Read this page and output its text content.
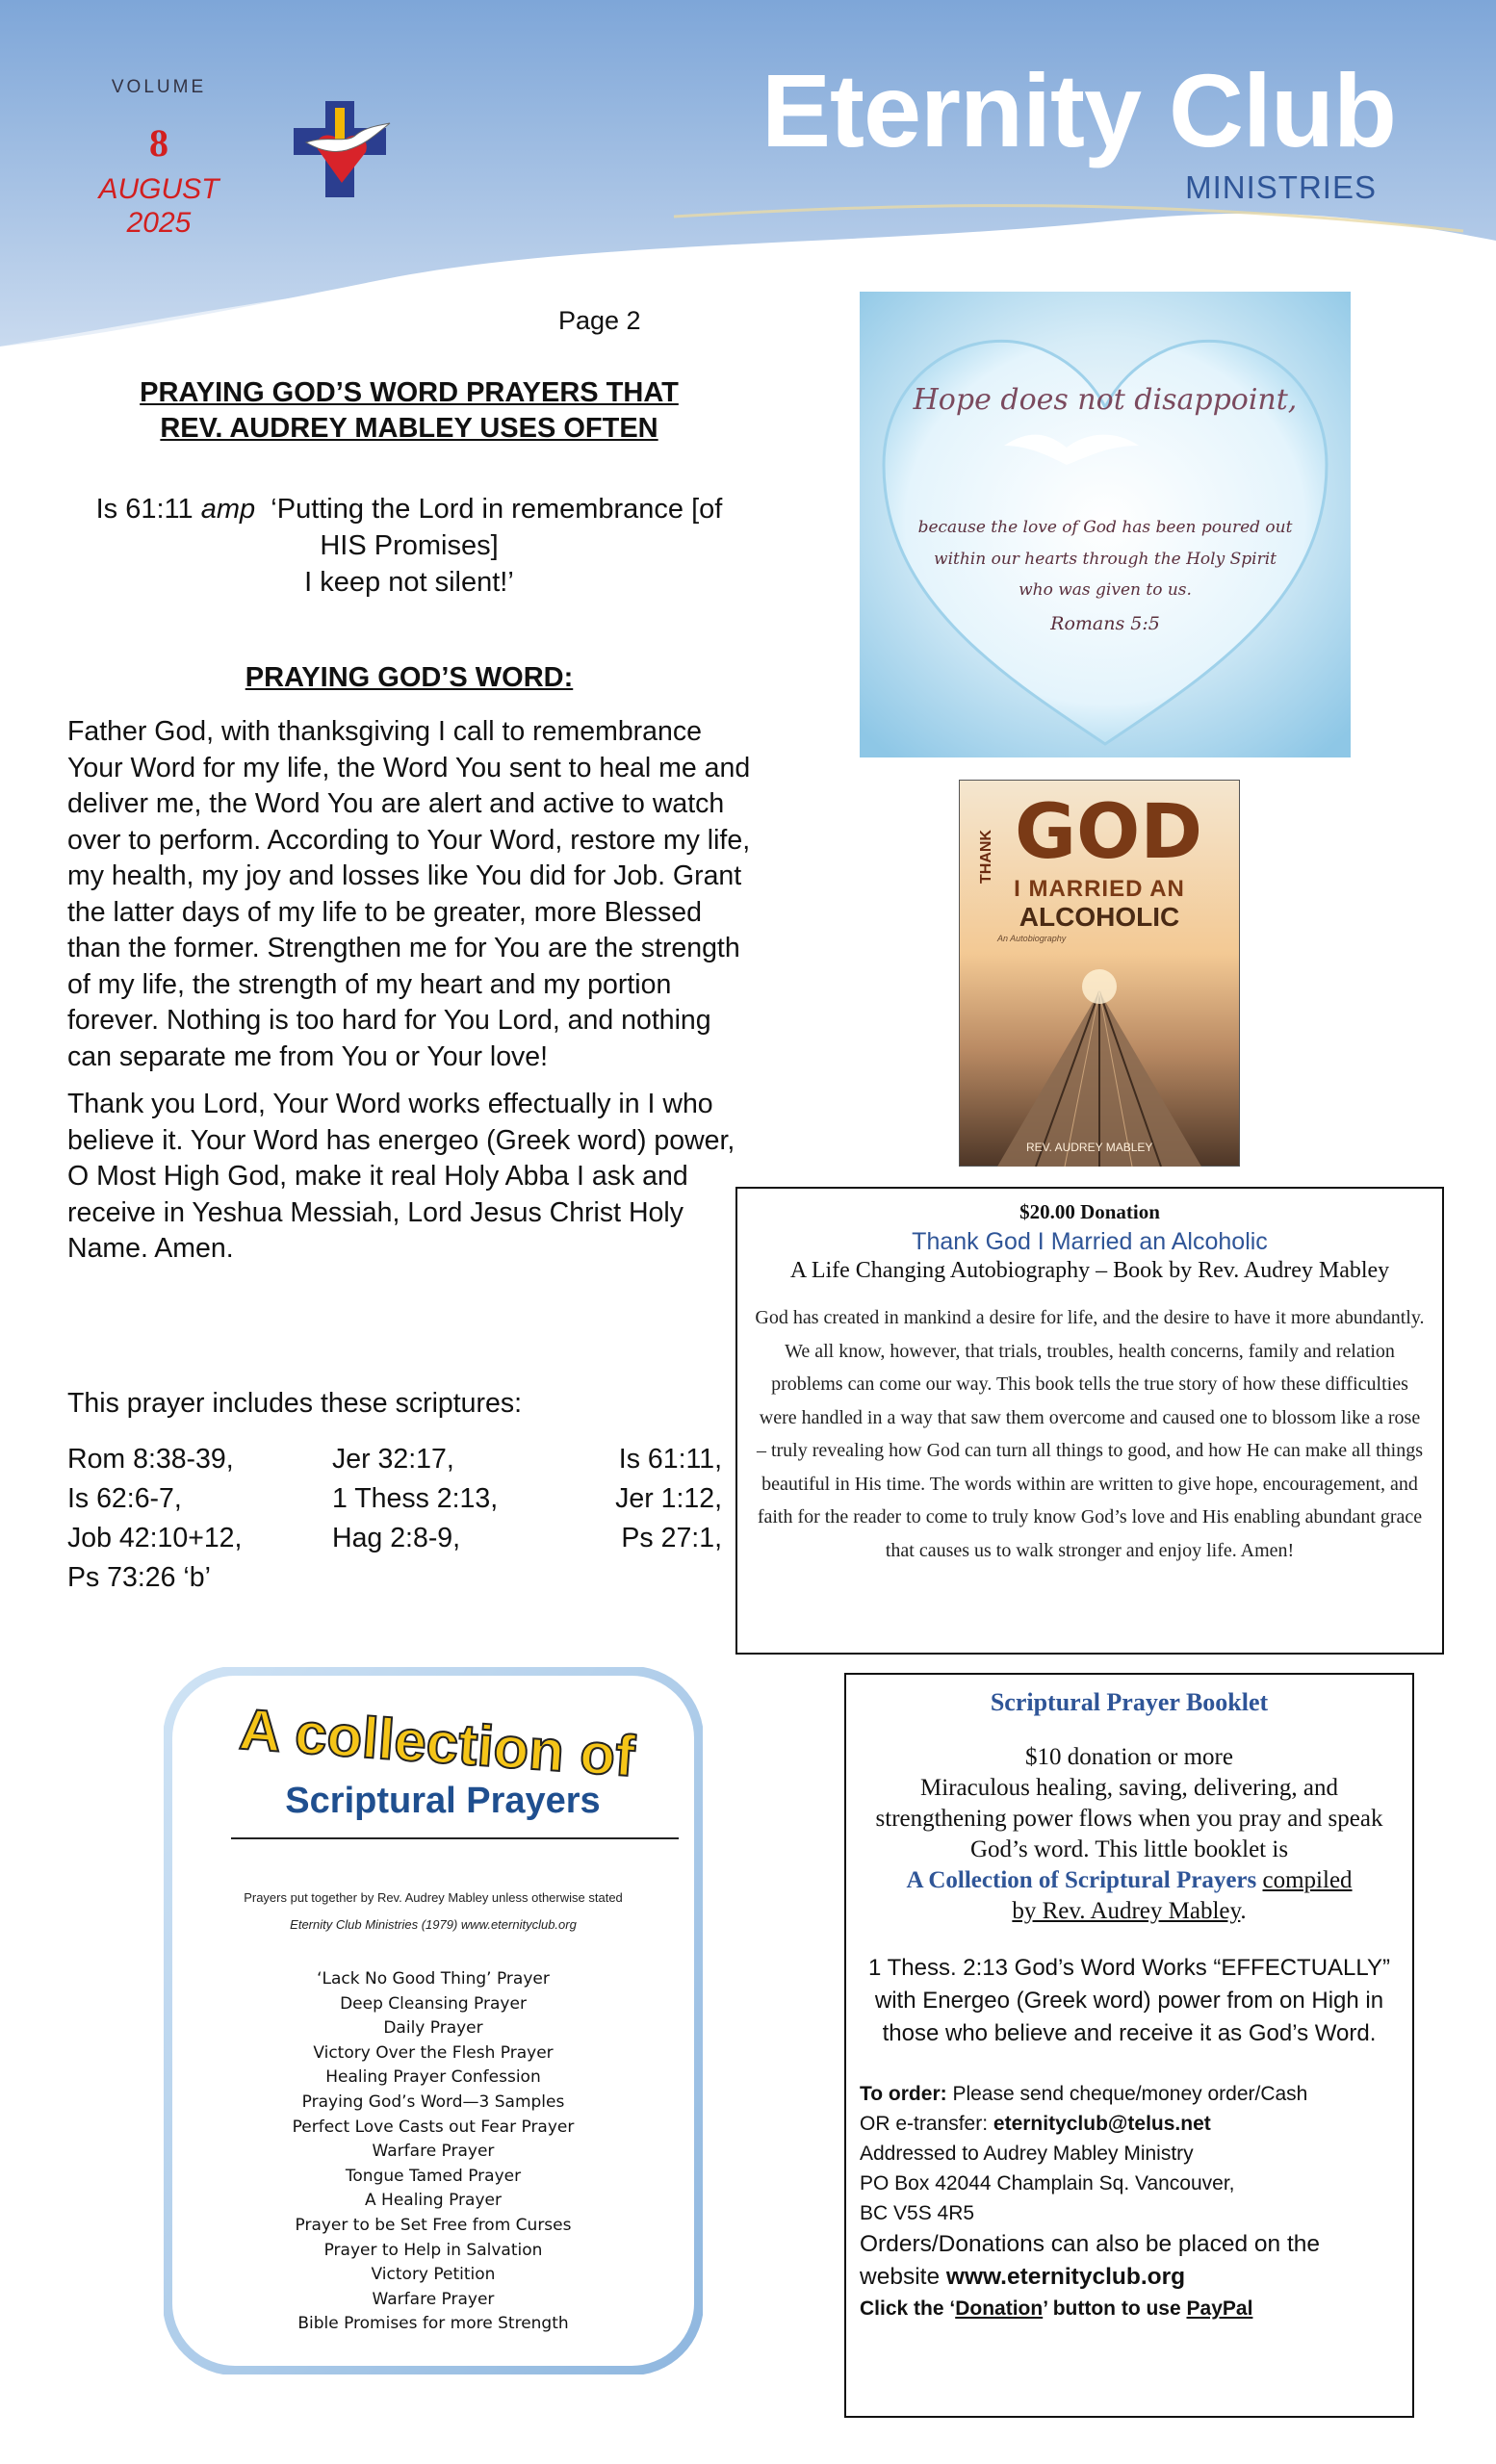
VOLUME
8
AUGUST
2025
Eternity Club
MINISTRIES
Page 2
PRAYING GOD’S WORD PRAYERS THAT
REV. AUDREY MABLEY USES OFTEN
Is 61:11 amp ‘Putting the Lord in remembrance [of
HIS Promises]
I keep not silent!’
PRAYING GOD’S WORD:
Father God, with thanksgiving I call to remembrance Your Word for my life, the Word You sent to heal me and deliver me, the Word You are alert and active to watch over to perform. According to Your Word, restore my life, my health, my joy and losses like You did for Job. Grant the latter days of my life to be greater, more Blessed than the former. Strengthen me for You are the strength of my life, the strength of my heart and my portion forever. Nothing is too hard for You Lord, and nothing can separate me from You or Your love!
Thank you Lord, Your Word works effectually in I who believe it. Your Word has energeo (Greek word) power, O Most High God, make it real Holy Abba I ask and receive in Yeshua Messiah, Lord Jesus Christ Holy Name. Amen.
This prayer includes these scriptures:
Rom 8:38-39,	Jer 32:17,	Is 61:11,
Is 62:6-7,	1 Thess 2:13,	Jer 1:12,
Job 42:10+12,	Hag 2:8-9,	Ps 27:1,
Ps 73:26 ‘b’
Hope does not disappoint,
because the love of God has been poured out
within our hearts through the Holy Spirit
who was given to us.
Romans 5:5
THANK GOD
I MARRIED AN
ALCOHOLIC
An Autobiography
REV. AUDREY MABLEY
$20.00 Donation
Thank God I Married an Alcoholic
A Life Changing Autobiography – Book by Rev. Audrey Mabley
God has created in mankind a desire for life, and the desire to have it more abundantly. We all know, however, that trials, troubles, health concerns, family and relation problems can come our way. This book tells the true story of how these difficulties were handled in a way that saw them overcome and caused one to blossom like a rose – truly revealing how God can turn all things to good, and how He can make all things beautiful in His time. The words within are written to give hope, encouragement, and faith for the reader to come to truly know God’s love and His enabling abundant grace that causes us to walk stronger and enjoy life. Amen!
A collection of
Scriptural Prayers
Prayers put together by Rev. Audrey Mabley unless otherwise stated
Eternity Club Ministries (1979) www.eternityclub.org
‘Lack No Good Thing’ Prayer
Deep Cleansing Prayer
Daily Prayer
Victory Over the Flesh Prayer
Healing Prayer Confession
Praying God’s Word—3 Samples
Perfect Love Casts out Fear Prayer
Warfare Prayer
Tongue Tamed Prayer
A Healing Prayer
Prayer to be Set Free from Curses
Prayer to Help in Salvation
Victory Petition
Warfare Prayer
Bible Promises for more Strength
Scriptural Prayer Booklet
$10 donation or more
Miraculous healing, saving, delivering, and strengthening power flows when you pray and speak God’s word. This little booklet is
A Collection of Scriptural Prayers compiled
by Rev. Audrey Mabley.
1 Thess. 2:13 God’s Word Works “EFFECTUALLY” with Energeo (Greek word) power from on High in those who believe and receive it as God’s Word.
To order: Please send cheque/money order/Cash
OR e-transfer: eternityclub@telus.net
Addressed to Audrey Mabley Ministry
PO Box 42044 Champlain Sq. Vancouver,
BC V5S 4R5
Orders/Donations can also be placed on the
website www.eternityclub.org
Click the ‘Donation’ button to use PayPal
